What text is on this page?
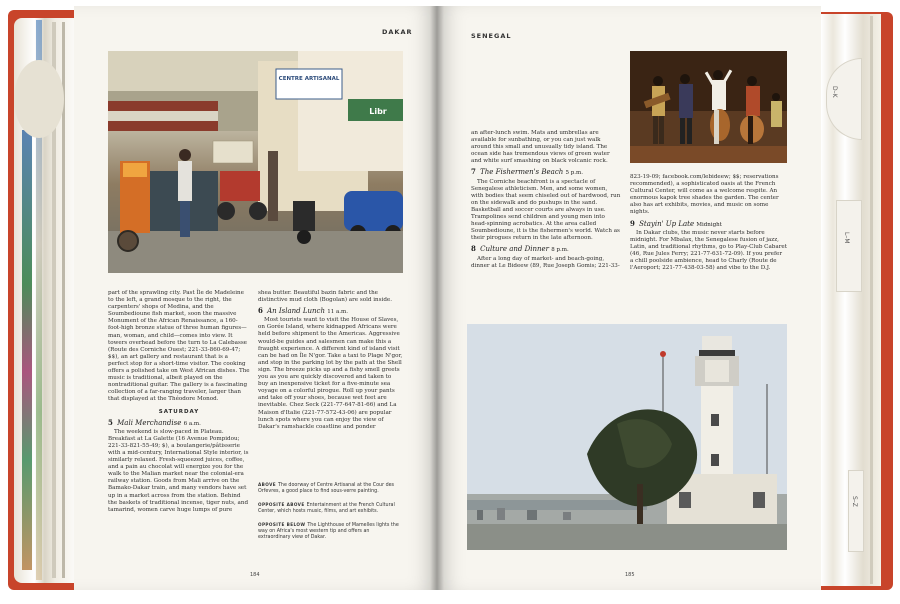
D–K
L–M
S–Z
DAKAR
CENTRE ARTISANAL
Libr

part of the sprawling city. Past Île de Madeleine to the left, a grand mosque to the right, the carpenters' shops of Medina, and the Soumbedioune fish market, soon the massive Monument of the African Renaissance, a 160-foot-high bronze statue of three human figures—man, woman, and child—comes into view. It towers overhead before the turn to La Calebasse (Route des Corniche Ouest; 221-33-860-69-47; $$), an art gallery and restaurant that is a perfect stop for a short-time visitor. The cooking offers a polished take on West African dishes. The music is traditional, albeit played on the nontraditional guitar. The gallery is a fascinating collection of a far-ranging traveler, larger than that displayed at the Théodore Monod.

SATURDAY
5 Mali Merchandise 6 a.m.

The weekend is slow-paced in Plateau. Breakfast at La Galette (16 Avenue Pompidou; 221-33-821-55-49; $), a boulangerie/pâtisserie with a mid-century, International Style interior, is similarly relaxed. Fresh-squeezed juices, coffee, and a pain au chocolat will energize you for the walk to the Malian market near the colonial-era railway station. Goods from Mali arrive on the Bamako-Dakar train, and many vendors have set up in a market across from the station. Behind the baskets of traditional incense, tiger nuts, and tamarind, women carve huge lumps of pure

shea butter. Beautiful bazin fabric and the distinctive mud cloth (Bogolan) are sold inside.

6 An Island Lunch 11 a.m.

Most tourists want to visit the House of Slaves, on Gorée Island, where kidnapped Africans were held before shipment to the Americas. Aggressive would-be guides and salesmen can make this a fraught experience. A different kind of island visit can be had on Île N'gor. Take a taxi to Plage N'gor, and stop in the parking lot by the path at the Shell sign. The breeze picks up and a fishy smell greets you as you are quickly discovered and taken to buy an inexpensive ticket for a five-minute sea voyage on a colorful pirogue. Roll up your pants and take off your shoes, because wet feet are inevitable. Chez Seck (221-77-647-81-66) and La Maison d'Italie (221-77-572-43-06) are popular lunch spots where you can enjoy the view of Dakar's ramshackle coastline and ponder

ABOVE The doorway of Centre Artisanal at the Cour des Orfevres, a good place to find sous-verre painting.
OPPOSITE ABOVE Entertainment at the French Cultural Center, which hosts music, films, and art exhibits.
OPPOSITE BELOW The Lighthouse of Mamelles lights the way on Africa's most western tip and offers an extraordinary view of Dakar.
184
SENEGAL

an after-lunch swim. Mats and umbrellas are available for sunbathing, or you can just walk around this small and unusually tidy island. The ocean side has tremendous views of green water and white surf smashing on black volcanic rock.

7 The Fishermen's Beach 5 p.m.

The Corniche beachfront is a spectacle of Senegalese athleticism. Men, and some women, with bodies that seem chiseled out of hardwood, run on the sidewalk and do pushups in the sand. Basketball and soccer courts are always in use. Trampolines send children and young men into head-spinning acrobatics. At the area called Soumbedioune, it is the fishermen's world. Watch as their pirogues return in the late afternoon.

8 Culture and Dinner 8 p.m.

After a long day of market- and beach-going, dinner at Le Bideew (89, Rue Joseph Gomis; 221-33-

823-19-09; facebook.com/lebideew; $$; reservations recommended), a sophisticated oasis at the French Cultural Center, will come as a welcome respite. An enormous kapok tree shades the garden. The center also has art exhibits, movies, and music on some nights.

9 Stayin' Up Late Midnight

In Dakar clubs, the music never starts before midnight. For Mbalax, the Senegalese fusion of jazz, Latin, and traditional rhythms, go to Play-Club Cabaret (46, Rue Jules Ferry; 221-77-631-72-09). If you prefer a chill poolside ambience, head to Charly (Route de l'Aeroport; 221-77-438-03-58) and vibe to the D.J.

185
